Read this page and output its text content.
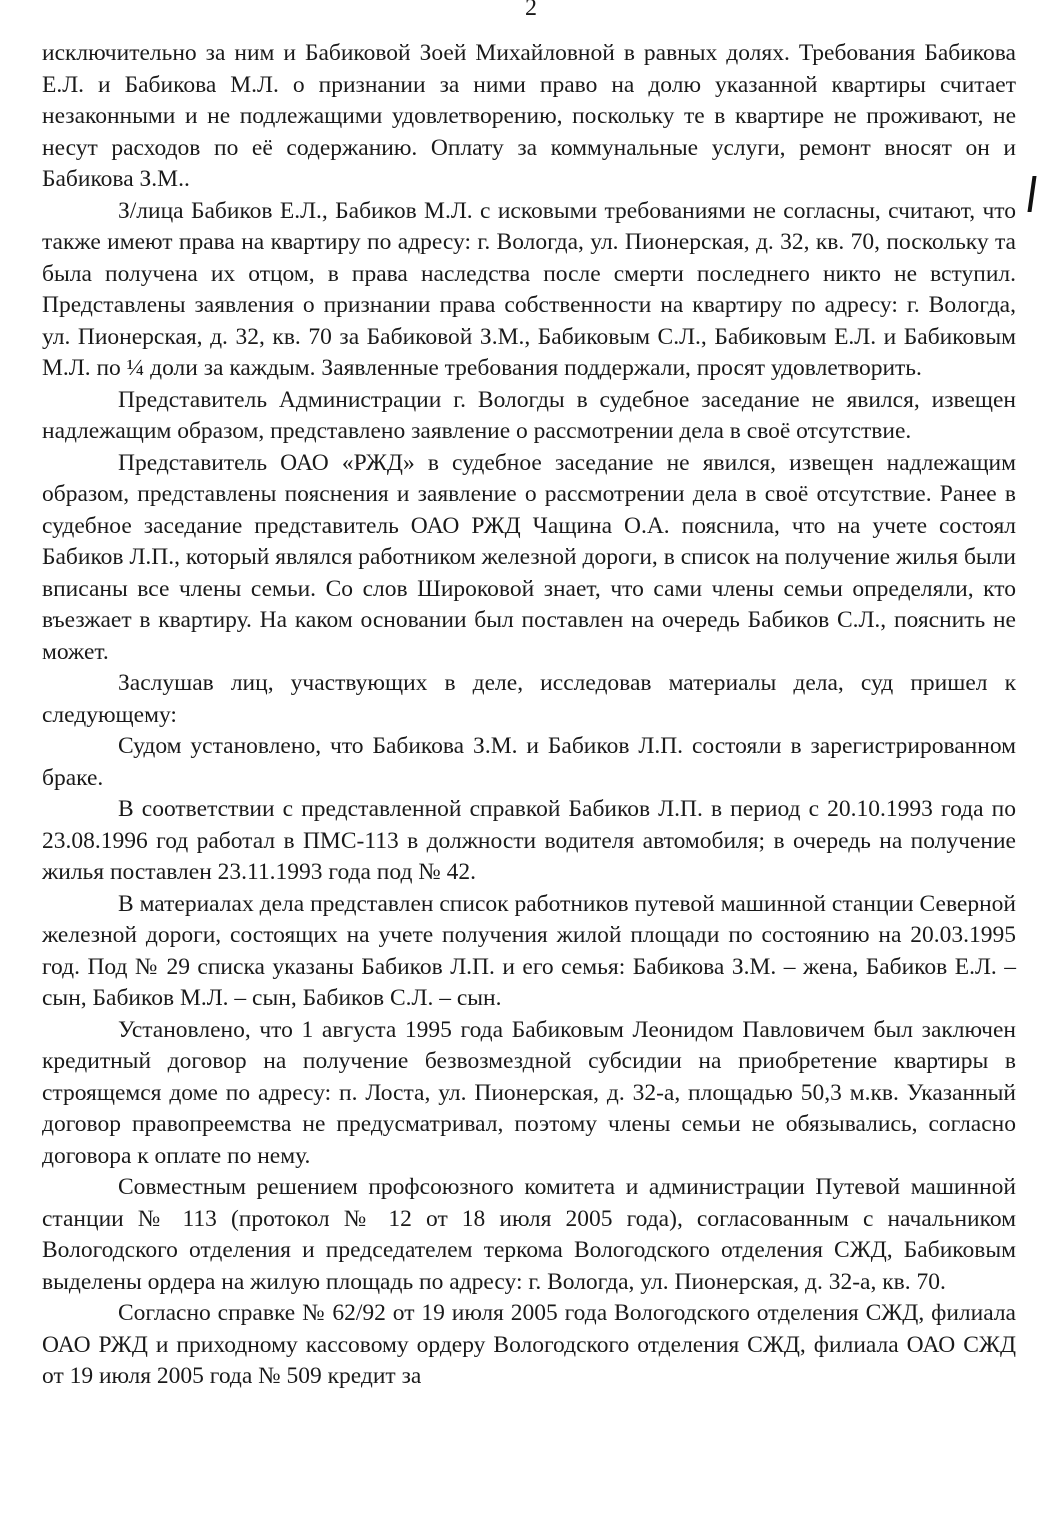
2

исключительно за ним и Бабиковой Зоей Михайловной в равных долях. Требования Бабикова Е.Л. и Бабикова М.Л. о признании за ними право на долю указанной квартиры считает незаконными и не подлежащими удовлетворению, поскольку те в квартире не проживают, не несут расходов по её содержанию. Оплату за коммунальные услуги, ремонт вносят он и Бабикова З.М..

З/лица Бабиков Е.Л., Бабиков М.Л. с исковыми требованиями не согласны, считают, что также имеют права на квартиру по адресу: г. Вологда, ул. Пионерская, д. 32, кв. 70, поскольку та была получена их отцом, в права наследства после смерти последнего никто не вступил. Представлены заявления о признании права собственности на квартиру по адресу: г. Вологда, ул. Пионерская, д. 32, кв. 70 за Бабиковой З.М., Бабиковым С.Л., Бабиковым Е.Л. и Бабиковым М.Л. по ¼ доли за каждым. Заявленные требования поддержали, просят удовлетворить.

Представитель Администрации г. Вологды в судебное заседание не явился, извещен надлежащим образом, представлено заявление о рассмотрении дела в своё отсутствие.

Представитель ОАО «РЖД» в судебное заседание не явился, извещен надлежащим образом, представлены пояснения и заявление о рассмотрении дела в своё отсутствие. Ранее в судебное заседание представитель ОАО РЖД Чащина О.А. пояснила, что на учете состоял Бабиков Л.П., который являлся работником железной дороги, в список на получение жилья были вписаны все члены семьи. Со слов Широковой знает, что сами члены семьи определяли, кто въезжает в квартиру. На каком основании был поставлен на очередь Бабиков С.Л., пояснить не может.

Заслушав лиц, участвующих в деле, исследовав материалы дела, суд пришел к следующему:

Судом установлено, что Бабикова З.М. и Бабиков Л.П. состояли в зарегистрированном браке.

В соответствии с представленной справкой Бабиков Л.П. в период с 20.10.1993 года по 23.08.1996 год работал в ПМС-113 в должности водителя автомобиля; в очередь на получение жилья поставлен 23.11.1993 года под № 42.

В материалах дела представлен список работников путевой машинной станции Северной железной дороги, состоящих на учете получения жилой площади по состоянию на 20.03.1995 год. Под № 29 списка указаны Бабиков Л.П. и его семья: Бабикова З.М. – жена, Бабиков Е.Л. – сын, Бабиков М.Л. – сын, Бабиков С.Л. – сын.

Установлено, что 1 августа 1995 года Бабиковым Леонидом Павловичем был заключен кредитный договор на получение безвозмездной субсидии на приобретение квартиры в строящемся доме по адресу: п. Лоста, ул. Пионерская, д. 32-а, площадью 50,3 м.кв. Указанный договор правопреемства не предусматривал, поэтому члены семьи не обязывались, согласно договора к оплате по нему.

Совместным решением профсоюзного комитета и администрации Путевой машинной станции № 113 (протокол № 12 от 18 июля 2005 года), согласованным с начальником Вологодского отделения и председателем теркома Вологодского отделения СЖД, Бабиковым выделены ордера на жилую площадь по адресу: г. Вологда, ул. Пионерская, д. 32-а, кв. 70.

Согласно справке № 62/92 от 19 июля 2005 года Вологодского отделения СЖД, филиала ОАО РЖД и приходному кассовому ордеру Вологодского отделения СЖД, филиала ОАО СЖД от 19 июля 2005 года № 509 кредит за
